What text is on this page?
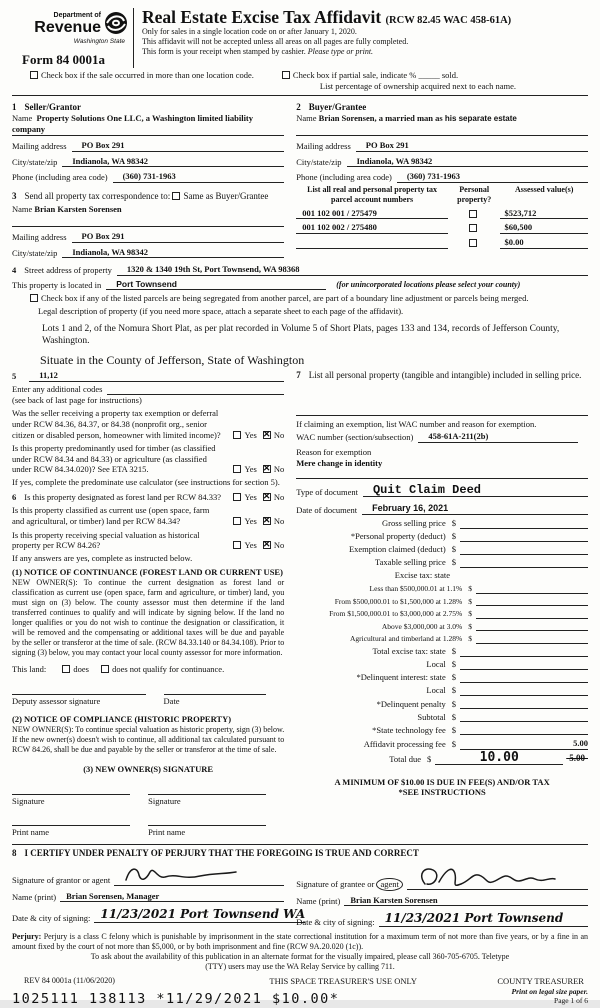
Department of
Revenue
Washington State
Form 84 0001a
Real Estate Excise Tax Affidavit (RCW 82.45 WAC 458-61A)
Only for sales in a single location code on or after January 1, 2020.
This affidavit will not be accepted unless all areas on all pages are fully completed.
This form is your receipt when stamped by cashier. Please type or print.
Check box if the sale occurred in more than one location code.	Check box if partial sale, indicate % _____ sold.
List percentage of ownership acquired next to each name.
1 Seller/Grantor
Name Property Solutions One LLC, a Washington limited liability company
Mailing address	PO Box 291
City/state/zip	Indianola, WA 98342
Phone (including area code)	(360) 731-1963
3 Send all property tax correspondence to: Same as Buyer/Grantee
Name Brian Karsten Sorensen
Mailing address	PO Box 291
City/state/zip	Indianola, WA 98342
2 Buyer/Grantee
Name Brian Sorensen, a married man as his separate estate
Mailing address	PO Box 291
City/state/zip	Indianola, WA 98342
Phone (including area code)	(360) 731-1963
List all real and personal property tax parcel account numbers
Personal property?
Assessed value(s)
001 102 001 / 275479	$523,712
001 102 002 / 275480	$60,500
$0.00
4 Street address of property	1320 & 1340 19th St, Port Townsend, WA 98368
This property is located in	Port Townsend	(for unincorporated locations please select your county)
Check box if any of the listed parcels are being segregated from another parcel, are part of a boundary line adjustment or parcels being merged.
Legal description of property (if you need more space, attach a separate sheet to each page of the affidavit).
Lots 1 and 2, of the Nomura Short Plat, as per plat recorded in Volume 5 of Short Plats, pages 133 and 134, records of Jefferson County, Washington.
Situate in the County of Jefferson, State of Washington
5	11,12
Enter any additional codes
(see back of last page for instructions)
Was the seller receiving a property tax exemption or deferral under RCW 84.36, 84.37, or 84.38 (nonprofit org., senior citizen or disabled person, homeowner with limited income)?	Yes ✕ No
Is this property predominantly used for timber (as classified under RCW 84.34 and 84.33) or agriculture (as classified under RCW 84.34.020)? See ETA 3215.	Yes ✕ No
If yes, complete the predominate use calculator (see instructions for section 5).
6 Is this property designated as forest land per RCW 84.33?	Yes ✕ No
Is this property classified as current use (open space, farm and agricultural, or timber) land per RCW 84.34?	Yes ✕ No
Is this property receiving special valuation as historical property per RCW 84.26?	Yes ✕ No
If any answers are yes, complete as instructed below.
(1) NOTICE OF CONTINUANCE (FOREST LAND OR CURRENT USE)
NEW OWNER(S): To continue the current designation as forest land or classification as current use (open space, farm and agriculture, or timber) land, you must sign on (3) below. The county assessor must then determine if the land transferred continues to qualify and will indicate by signing below. If the land no longer qualifies or you do not wish to continue the designation or classification, it will be removed and the compensating or additional taxes will be due and payable by the seller or transferor at the time of sale. (RCW 84.33.140 or 84.34.108). Prior to signing (3) below, you may contact your local county assessor for more information.
This land:	does	does not qualify for continuance.
Deputy assessor signature	Date
(2) NOTICE OF COMPLIANCE (HISTORIC PROPERTY)
NEW OWNER(S): To continue special valuation as historic property, sign (3) below. If the new owner(s) doesn't wish to continue, all additional tax calculated pursuant to RCW 84.26, shall be due and payable by the seller or transferor at the time of sale.
(3) NEW OWNER(S) SIGNATURE
Signature	Signature
Print name	Print name
7 List all personal property (tangible and intangible) included in selling price.
If claiming an exemption, list WAC number and reason for exemption.
WAC number (section/subsection)	458-61A-211(2b)
Reason for exemption
Mere change in identity
Type of document	Quit Claim Deed
Date of document	February 16, 2021
Gross selling price $
*Personal property (deduct) $
Exemption claimed (deduct) $
Taxable selling price $
Excise tax: state
Less than $500,000.01 at 1.1% $
From $500,000.01 to $1,500,000 at 1.28% $
From $1,500,000.01 to $3,000,000 at 2.75% $
Above $3,000,000 at 3.0% $
Agricultural and timberland at 1.28% $
Total excise tax: state $
Local $
*Delinquent interest: state $
Local $
*Delinquent penalty $
Subtotal $
*State technology fee $
Affidavit processing fee $	5.00
Total due $	10.00	-5.00-
A MINIMUM OF $10.00 IS DUE IN FEE(S) AND/OR TAX
*SEE INSTRUCTIONS
8 I CERTIFY UNDER PENALTY OF PERJURY THAT THE FOREGOING IS TRUE AND CORRECT
Signature of grantor or agent
Name (print)	Brian Sorensen, Manager
Date & city of signing: 11/23/2021 Port Townsend WA
Signature of grantee or agent
Name (print)	Brian Karsten Sorensen
Date & city of signing: 11/23/2021 Port Townsend
Perjury: Perjury is a class C felony which is punishable by imprisonment in the state correctional institution for a maximum term of not more than five years, or by a fine in an amount fixed by the court of not more than $5,000, or by both imprisonment and fine (RCW 9A.20.020 (1c)).
To ask about the availability of this publication in an alternate format for the visually impaired, please call 360-705-6705. Teletype
(TTY) users may use the WA Relay Service by calling 711.
REV 84 0001a (11/06/2020)	THIS SPACE TREASURER'S USE ONLY	COUNTY TREASURER
1025111 138113 *11/29/2021 $10.00*	Print on legal size paper.
Page 1 of 6
